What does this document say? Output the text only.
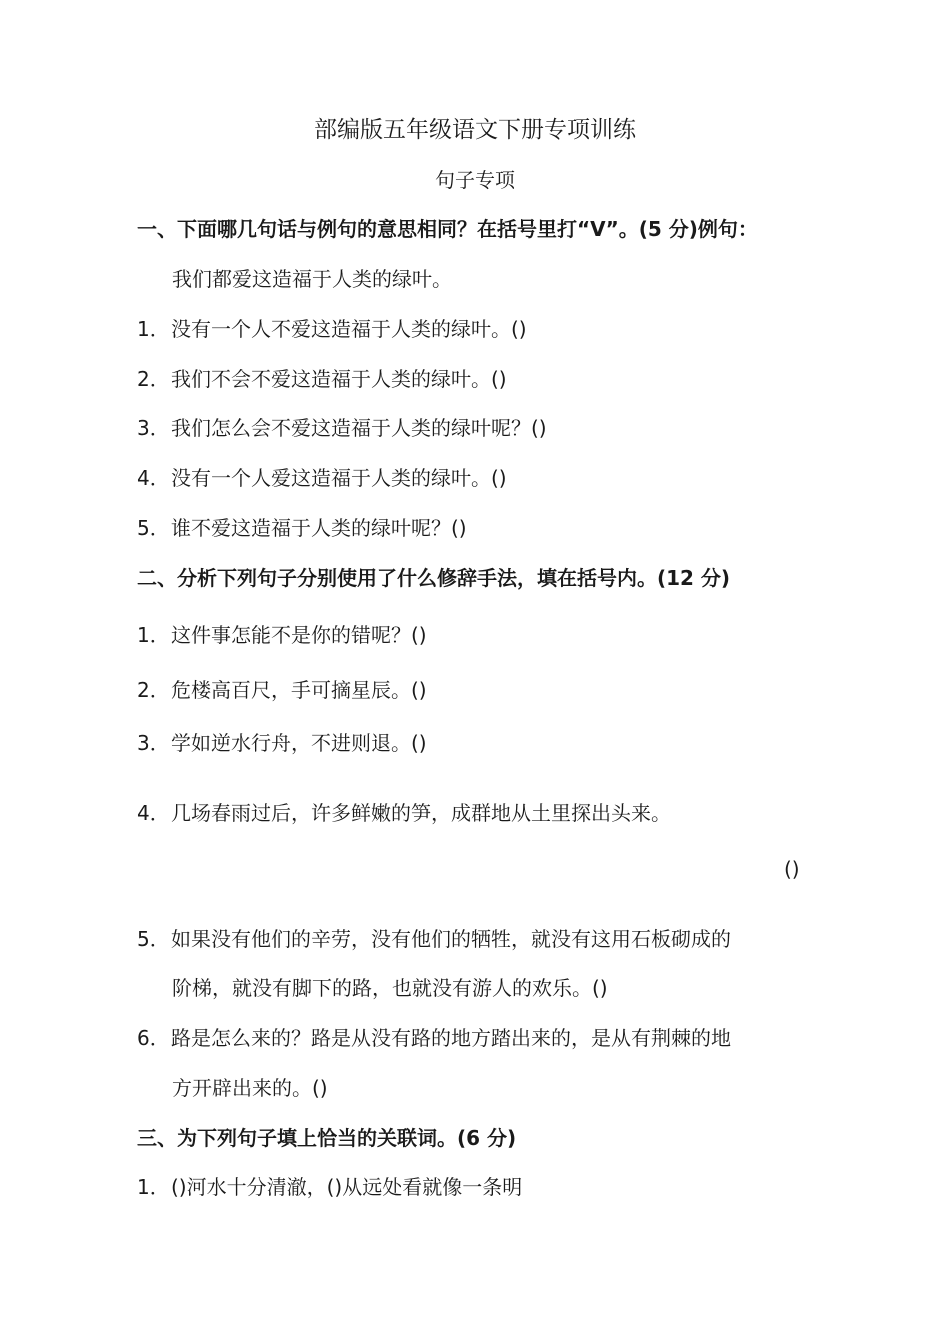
部编版五年级语文下册专项训练
句子专项
一、下面哪几句话与例句的意思相同？在括号里打“V”。(5 分)例句：
我们都爱这造福于人类的绿叶。
1．没有一个人不爱这造福于人类的绿叶。()
2．我们不会不爱这造福于人类的绿叶。()
3．我们怎么会不爱这造福于人类的绿叶呢？()
4．没有一个人爱这造福于人类的绿叶。()
5．谁不爱这造福于人类的绿叶呢？()
二、分析下列句子分别使用了什么修辞手法，填在括号内。(12 分)
1．这件事怎能不是你的错呢？()
2．危楼高百尺，手可摘星辰。()
3．学如逆水行舟，不进则退。()
4．几场春雨过后，许多鲜嫩的笋，成群地从土里探出头来。
()
5．如果没有他们的辛劳，没有他们的牺牲，就没有这用石板砌成的
阶梯，就没有脚下的路，也就没有游人的欢乐。()
6．路是怎么来的？路是从没有路的地方踏出来的，是从有荆棘的地
方开辟出来的。()
三、为下列句子填上恰当的关联词。(6 分)
1．()河水十分清澈，()从远处看就像一条明
